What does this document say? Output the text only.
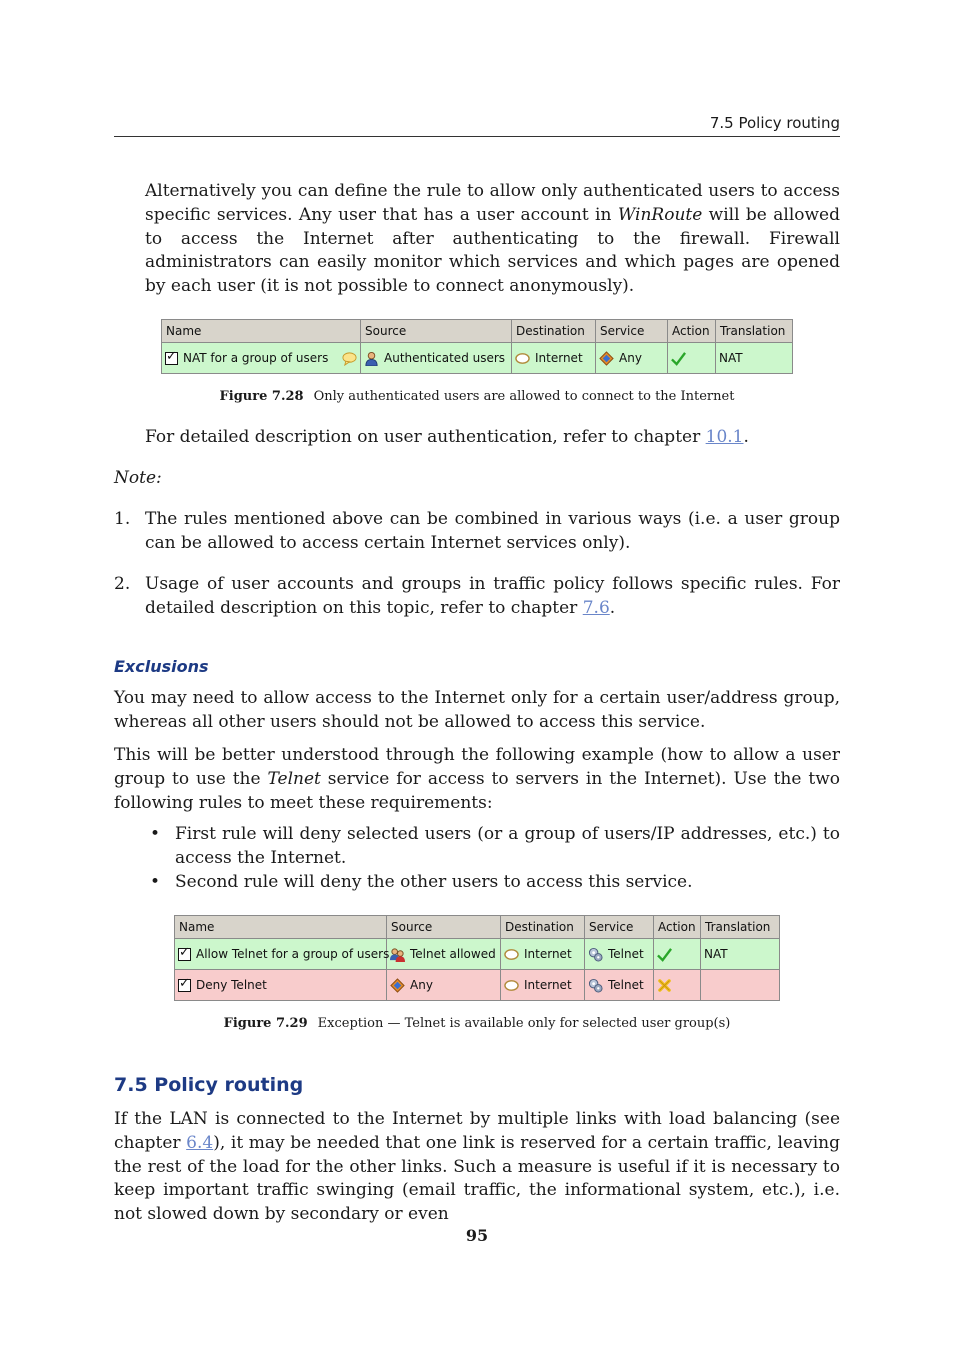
7.5 Policy routing
Alternatively you can define the rule to allow only authenticated users to access specific services. Any user that has a user account in WinRoute will be allowed to access the Internet after authenticating to the firewall. Firewall administrators can easily monitor which services and which pages are opened by each user (it is not possible to connect anonymously).
Name	Source	Destination	Service	Action	Translation

✓
NAT for a group of users	Authenticated users	Internet	Any		NAT
Figure 7.28 Only authenticated users are allowed to connect to the Internet
For detailed description on user authentication, refer to chapter 10.1.
Note:
1. The rules mentioned above can be combined in various ways (i.e. a user group can be allowed to access certain Internet services only).
2. Usage of user accounts and groups in traffic policy follows specific rules. For detailed description on this topic, refer to chapter 7.6.
Exclusions
You may need to allow access to the Internet only for a certain user/address group, whereas all other users should not be allowed to access this service.
This will be better understood through the following example (how to allow a user group to use the Telnet service for access to servers in the Internet). Use the two following rules to meet these requirements:
• First rule will deny selected users (or a group of users/IP addresses, etc.) to access the Internet.
• Second rule will deny the other users to access this service.
Name	Source	Destination	Service	Action	Translation

✓
Allow Telnet for a group of users	Telnet allowed	Internet	Telnet		NAT

✓
Deny Telnet	Any	Internet	Telnet

Figure 7.29 Exception — Telnet is available only for selected user group(s)
7.5 Policy routing
If the LAN is connected to the Internet by multiple links with load balancing (see chapter 6.4), it may be needed that one link is reserved for a certain traffic, leaving the rest of the load for the other links. Such a measure is useful if it is necessary to keep important traffic swinging (email traffic, the informational system, etc.), i.e. not slowed down by secondary or even
95
